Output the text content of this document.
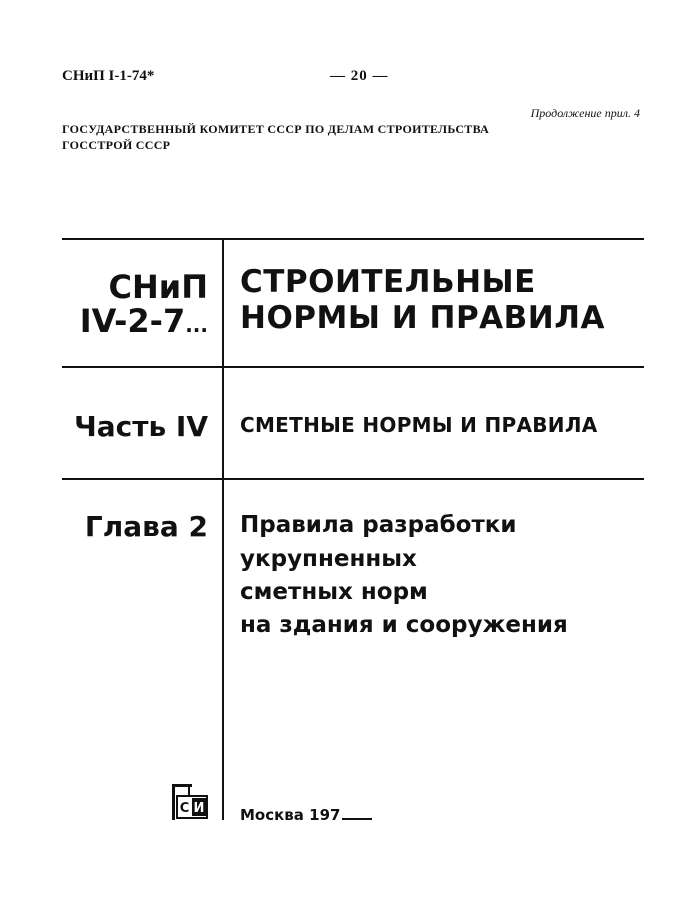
СНиП I-1-74*	— 20 —
Продолжение прил. 4
ГОСУДАРСТВЕННЫЙ КОМИТЕТ СССР ПО ДЕЛАМ СТРОИТЕЛЬСТВА
ГОССТРОЙ СССР
СНиП
IV-2-7...
СТРОИТЕЛЬНЫЕ
НОРМЫ И ПРАВИЛА
Часть IV СМЕТНЫЕ НОРМЫ И ПРАВИЛА
Глава 2 Правила разработки
укрупненных
сметных норм
на здания и сооружения
С И Москва 197
